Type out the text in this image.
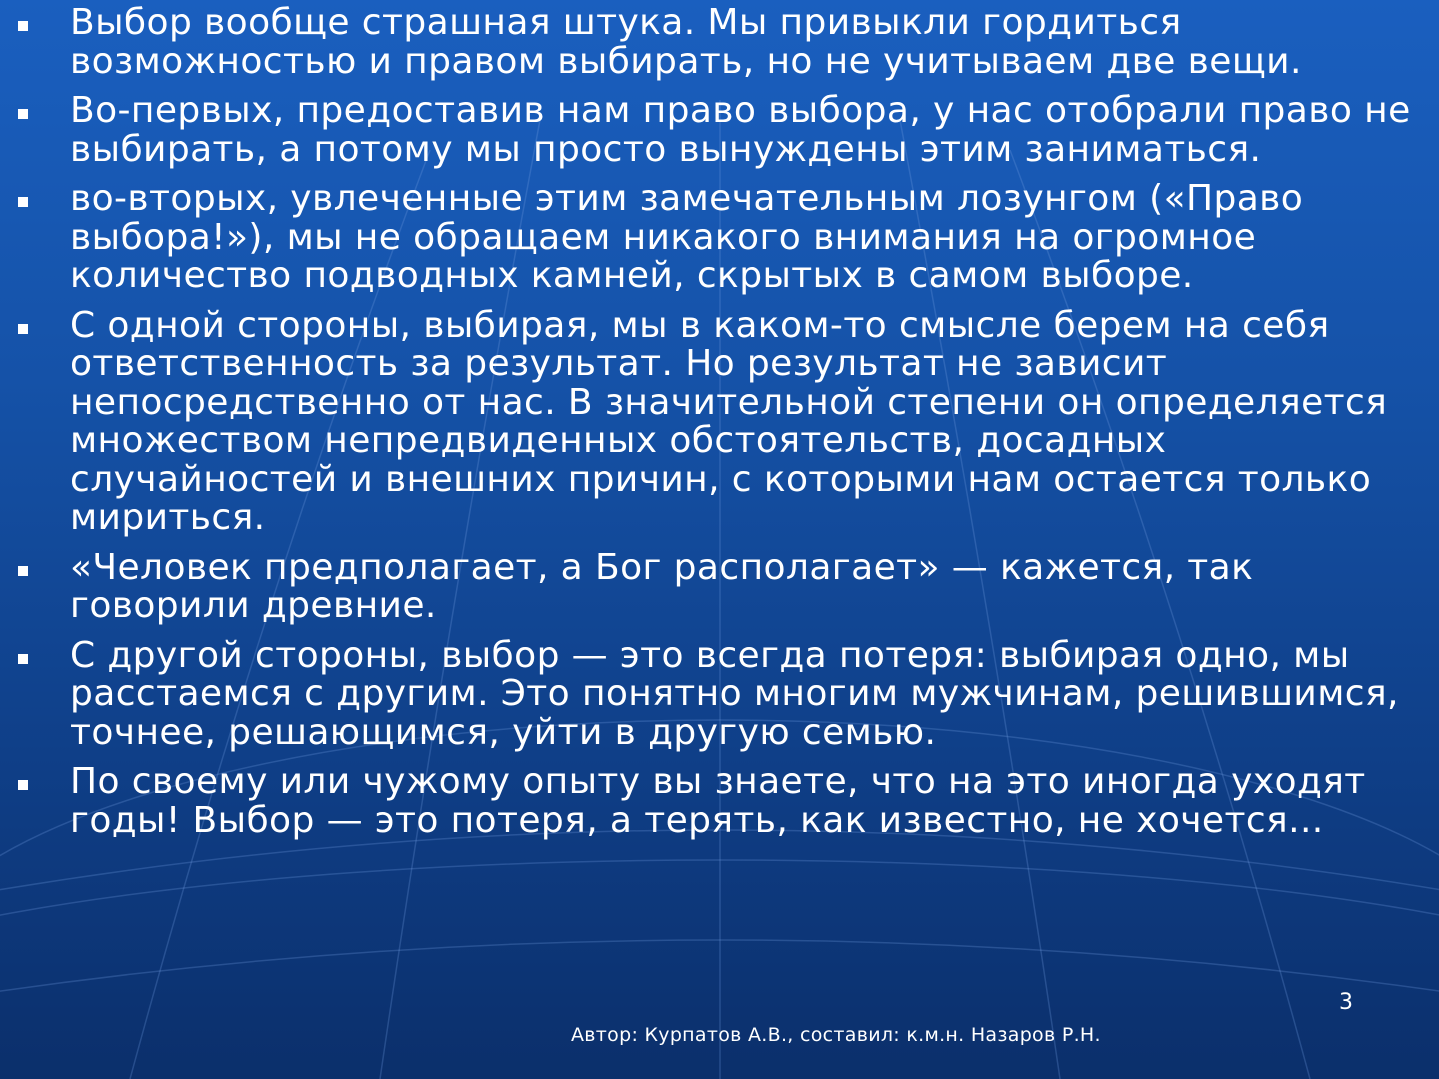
Выбор вообще страшная штука. Мы привыкли гордиться возможностью и правом выбирать, но не учитываем две вещи.
Во-первых, предоставив нам право выбора, у нас отобрали право не выбирать, а потому мы просто вынуждены этим заниматься.
во-вторых, увлеченные этим замечательным лозунгом («Право выбора!»), мы не обращаем никакого внимания на огромное количество подводных камней, скрытых в самом выборе.
С одной стороны, выбирая, мы в каком-то смысле берем на себя ответственность за результат. Но результат не зависит непосредственно от нас. В значительной степени он определяется множеством непредвиденных обстоятельств, досадных случайностей и внешних причин, с которыми нам остается только мириться.
«Человек предполагает, а Бог располагает» — кажется, так говорили древние.
С другой стороны, выбор — это всегда потеря: выбирая одно, мы расстаемся с другим. Это понятно многим мужчинам, решившимся, точнее, решающимся, уйти в другую семью.
По своему или чужому опыту вы знаете, что на это иногда уходят годы! Выбор — это потеря, а терять, как известно, не хочется...
3
Автор: Курпатов А.В., составил: к.м.н. Назаров Р.Н.
